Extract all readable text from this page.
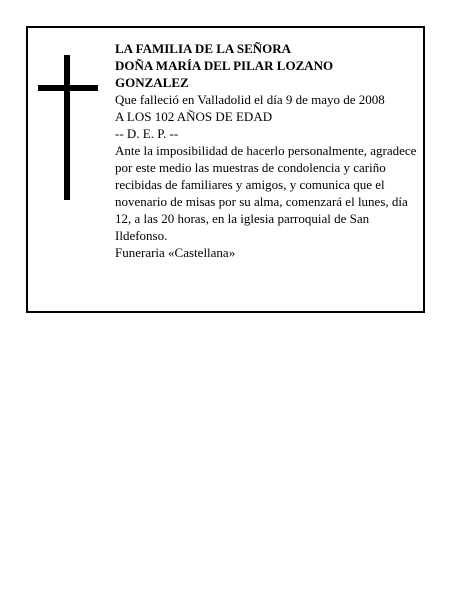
LA FAMILIA DE LA SEÑORA
DOÑA MARÍA DEL PILAR LOZANO
GONZALEZ
Que falleció en Valladolid el día 9 de mayo de 2008
A LOS 102 AÑOS DE EDAD
-- D. E. P. --
Ante la imposibilidad de hacerlo personalmente, agradece por este medio las muestras de condolencia y cariño recibidas de familiares y amigos, y comunica que el novenario de misas por su alma, comenzará el lunes, día 12, a las 20 horas, en la iglesia parroquial de San Ildefonso.
Funeraria «Castellana»
